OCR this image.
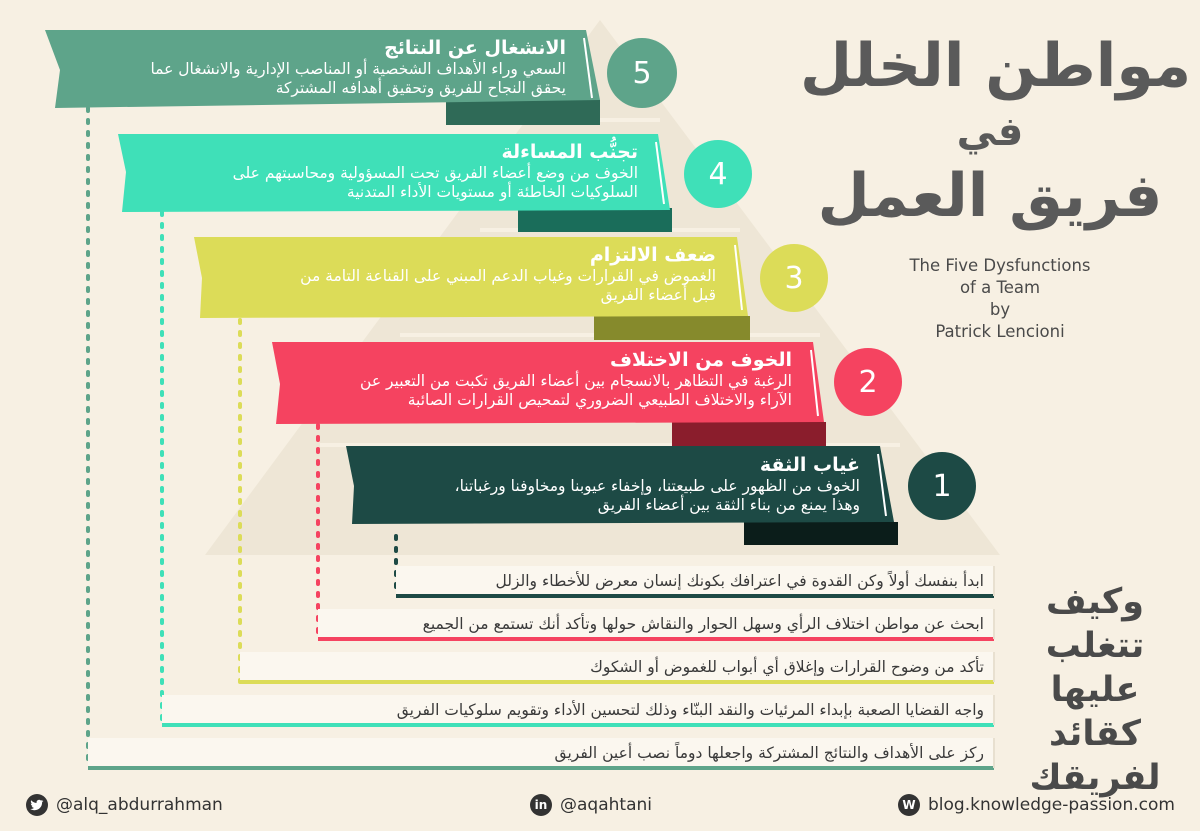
5
4
3
2
1
الانشغال عن النتائج
السعي وراء الأهداف الشخصية أو المناصب الإدارية والانشغال عما
يحقق النجاح للفريق وتحقيق أهدافه المشتركة
تجنُّب المساءلة
الخوف من وضع أعضاء الفريق تحت المسؤولية ومحاسبتهم على
السلوكيات الخاطئة أو مستويات الأداء المتدنية
ضعف الالتزام
الغموض في القرارات وغياب الدعم المبني على القناعة التامة من
قبل أعضاء الفريق
الخوف من الاختلاف
الرغبة في التظاهر بالانسجام بين أعضاء الفريق تكبت من التعبير عن
الآراء والاختلاف الطبيعي الضروري لتمحيص القرارات الصائبة
غياب الثقة
الخوف من الظهور على طبيعتنا، وإخفاء عيوبنا ومخاوفنا ورغباتنا،
وهذا يمنع من بناء الثقة بين أعضاء الفريق
مواطن الخلل
في
فريق العمل
The Five Dysfunctions
of a Team
by
Patrick Lencioni
وكيف تتغلب عليها كقائد لفريقك
ابدأ بنفسك أولاً وكن القدوة في اعترافك بكونك إنسان معرض للأخطاء والزلل
ابحث عن مواطن اختلاف الرأي وسهل الحوار والنقاش حولها وتأكد أنك تستمع من الجميع
تأكد من وضوح القرارات وإغلاق أي أبواب للغموض أو الشكوك
واجه القضايا الصعبة بإبداء المرئيات والنقد البنّاء وذلك لتحسين الأداء وتقويم سلوكيات الفريق
ركز على الأهداف والنتائج المشتركة واجعلها دوماً نصب أعين الفريق
@alq_abdurrahman	in @aqahtani	W blog.knowledge-passion.com
